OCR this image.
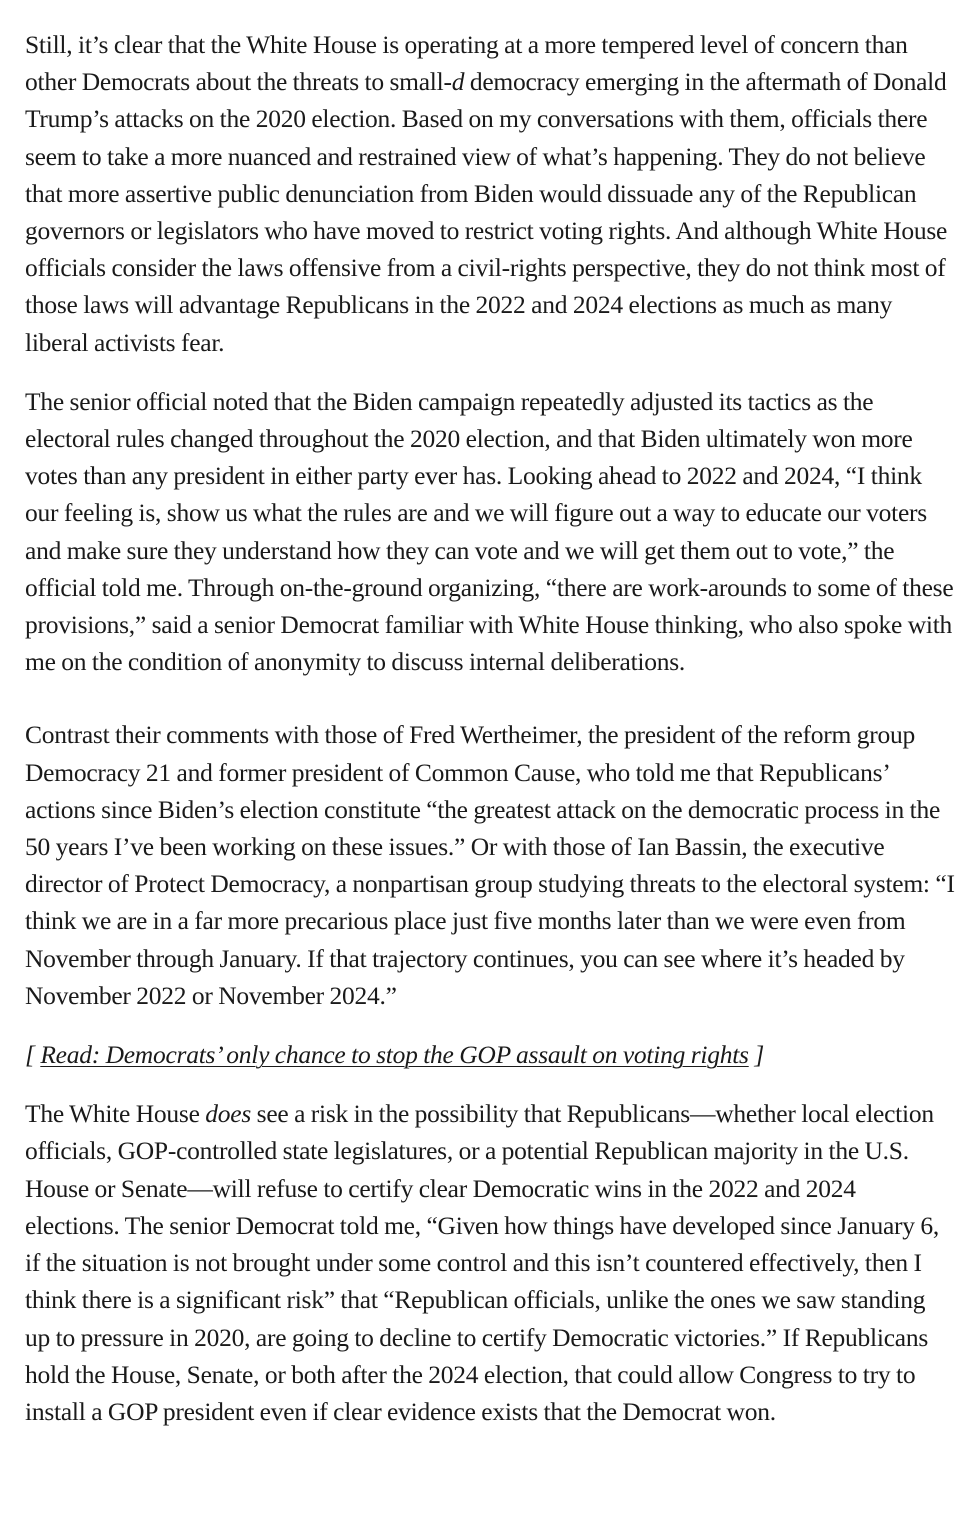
Still, it’s clear that the White House is operating at a more tempered level of concern than other Democrats about the threats to small-d democracy emerging in the aftermath of Donald Trump’s attacks on the 2020 election. Based on my conversations with them, officials there seem to take a more nuanced and restrained view of what’s happening. They do not believe that more assertive public denunciation from Biden would dissuade any of the Republican governors or legislators who have moved to restrict voting rights. And although White House officials consider the laws offensive from a civil-rights perspective, they do not think most of those laws will advantage Republicans in the 2022 and 2024 elections as much as many liberal activists fear.

The senior official noted that the Biden campaign repeatedly adjusted its tactics as the electoral rules changed throughout the 2020 election, and that Biden ultimately won more votes than any president in either party ever has. Looking ahead to 2022 and 2024, “I think our feeling is, show us what the rules are and we will figure out a way to educate our voters and make sure they understand how they can vote and we will get them out to vote,” the official told me. Through on-the-ground organizing, “there are work-arounds to some of these provisions,” said a senior Democrat familiar with White House thinking, who also spoke with me on the condition of anonymity to discuss internal deliberations.

Contrast their comments with those of Fred Wertheimer, the president of the reform group Democracy 21 and former president of Common Cause, who told me that Republicans’ actions since Biden’s election constitute “the greatest attack on the democratic process in the 50 years I’ve been working on these issues.” Or with those of Ian Bassin, the executive director of Protect Democracy, a nonpartisan group studying threats to the electoral system: “I think we are in a far more precarious place just five months later than we were even from November through January. If that trajectory continues, you can see where it’s headed by November 2022 or November 2024.”

[ Read: Democrats’ only chance to stop the GOP assault on voting rights ]

The White House does see a risk in the possibility that Republicans—whether local election officials, GOP-controlled state legislatures, or a potential Republican majority in the U.S. House or Senate—will refuse to certify clear Democratic wins in the 2022 and 2024 elections. The senior Democrat told me, “Given how things have developed since January 6, if the situation is not brought under some control and this isn’t countered effectively, then I think there is a significant risk” that “Republican officials, unlike the ones we saw standing up to pressure in 2020, are going to decline to certify Democratic victories.” If Republicans hold the House, Senate, or both after the 2024 election, that could allow Congress to try to install a GOP president even if clear evidence exists that the Democrat won.
